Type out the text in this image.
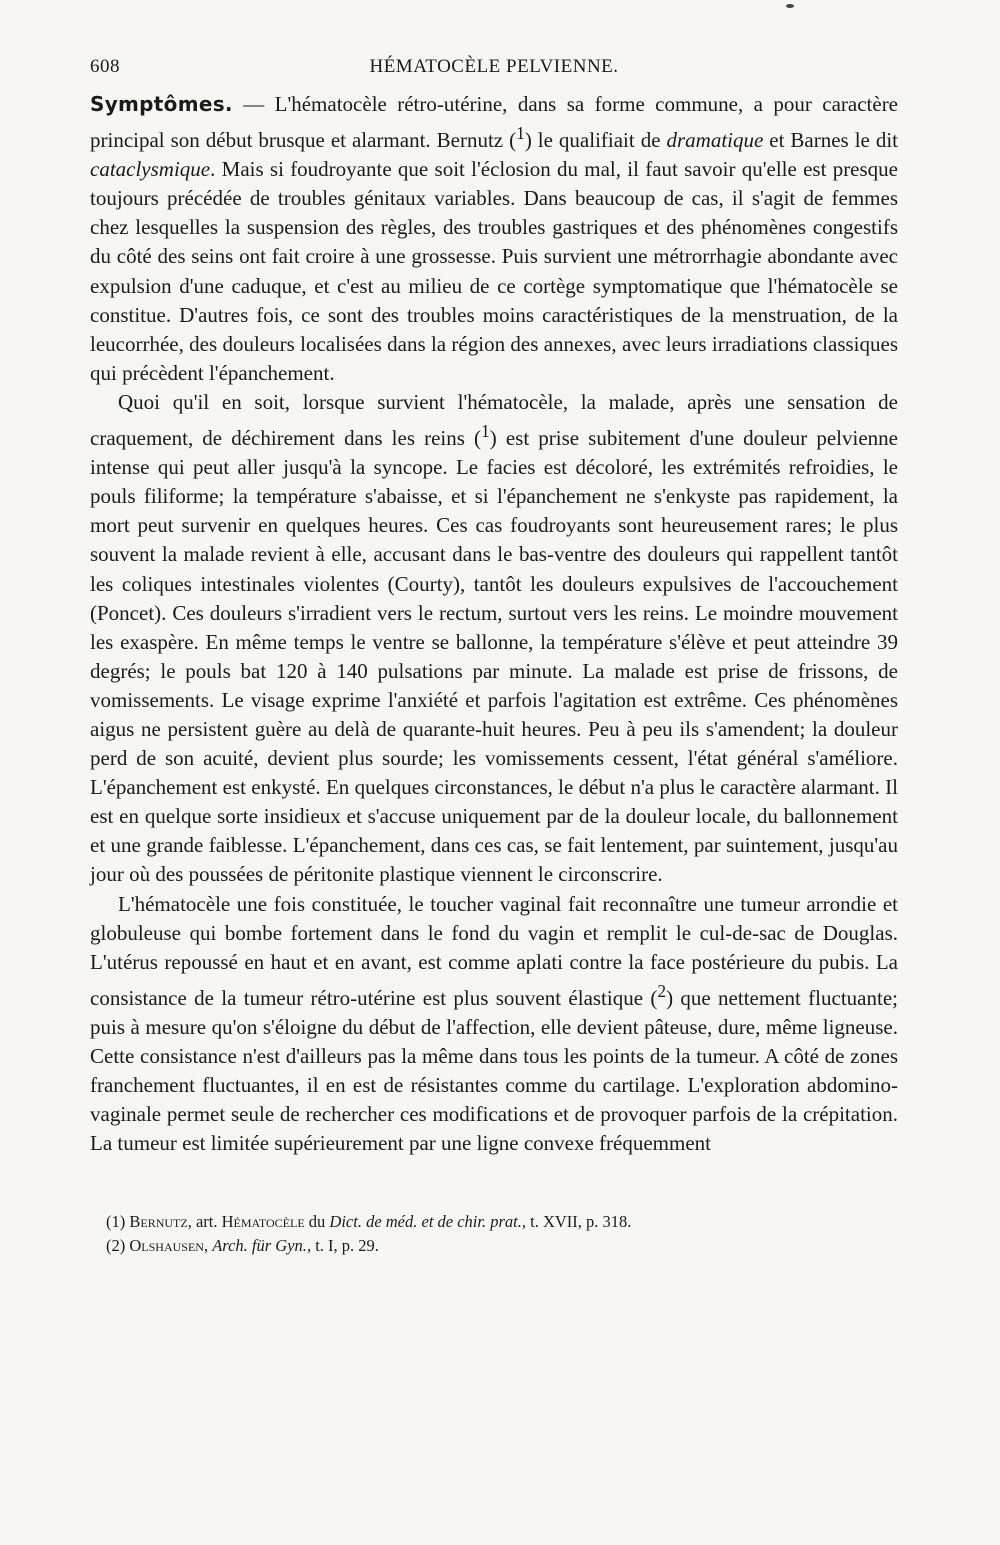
608	HÉMATOCÈLE PELVIENNE.

Symptômes. — L'hématocèle rétro-utérine, dans sa forme commune, a pour caractère principal son début brusque et alarmant. Bernutz ($^1$) le qualifiait de dramatique et Barnes le dit cataclysmique. Mais si foudroyante que soit l'éclosion du mal, il faut savoir qu'elle est presque toujours précédée de troubles génitaux variables. Dans beaucoup de cas, il s'agit de femmes chez lesquelles la suspension des règles, des troubles gastriques et des phénomènes congestifs du côté des seins ont fait croire à une grossesse. Puis survient une métrorrhagie abondante avec expulsion d'une caduque, et c'est au milieu de ce cortège symptomatique que l'hématocèle se constitue. D'autres fois, ce sont des troubles moins caractéristiques de la menstruation, de la leucorrhée, des douleurs localisées dans la région des annexes, avec leurs irradiations classiques qui précèdent l'épanchement.

Quoi qu'il en soit, lorsque survient l'hématocèle, la malade, après une sensation de craquement, de déchirement dans les reins ($^1$) est prise subitement d'une douleur pelvienne intense qui peut aller jusqu'à la syncope. Le facies est décoloré, les extrémités refroidies, le pouls filiforme; la température s'abaisse, et si l'épanchement ne s'enkyste pas rapidement, la mort peut survenir en quelques heures. Ces cas foudroyants sont heureusement rares; le plus souvent la malade revient à elle, accusant dans le bas-ventre des douleurs qui rappellent tantôt les coliques intestinales violentes (Courty), tantôt les douleurs expulsives de l'accouchement (Poncet). Ces douleurs s'irradient vers le rectum, surtout vers les reins. Le moindre mouvement les exaspère. En même temps le ventre se ballonne, la température s'élève et peut atteindre 39 degrés; le pouls bat 120 à 140 pulsations par minute. La malade est prise de frissons, de vomissements. Le visage exprime l'anxiété et parfois l'agitation est extrême. Ces phénomènes aigus ne persistent guère au delà de quarante-huit heures. Peu à peu ils s'amendent; la douleur perd de son acuité, devient plus sourde; les vomissements cessent, l'état général s'améliore. L'épanchement est enkysté. En quelques circonstances, le début n'a plus le caractère alarmant. Il est en quelque sorte insidieux et s'accuse uniquement par de la douleur locale, du ballonnement et une grande faiblesse. L'épanchement, dans ces cas, se fait lentement, par suintement, jusqu'au jour où des poussées de péritonite plastique viennent le circonscrire.

L'hématocèle une fois constituée, le toucher vaginal fait reconnaître une tumeur arrondie et globuleuse qui bombe fortement dans le fond du vagin et remplit le cul-de-sac de Douglas. L'utérus repoussé en haut et en avant, est comme aplati contre la face postérieure du pubis. La consistance de la tumeur rétro-utérine est plus souvent élastique ($^2$) que nettement fluctuante; puis à mesure qu'on s'éloigne du début de l'affection, elle devient pâteuse, dure, même ligneuse. Cette consistance n'est d'ailleurs pas la même dans tous les points de la tumeur. A côté de zones franchement fluctuantes, il en est de résistantes comme du cartilage. L'exploration abdomino-vaginale permet seule de rechercher ces modifications et de provoquer parfois de la crépitation. La tumeur est limitée supérieurement par une ligne convexe fréquemment

(1) Bernutz, art. Hématocèle du Dict. de méd. et de chir. prat., t. XVII, p. 318.

(2) Olshausen, Arch. für Gyn., t. I, p. 29.
